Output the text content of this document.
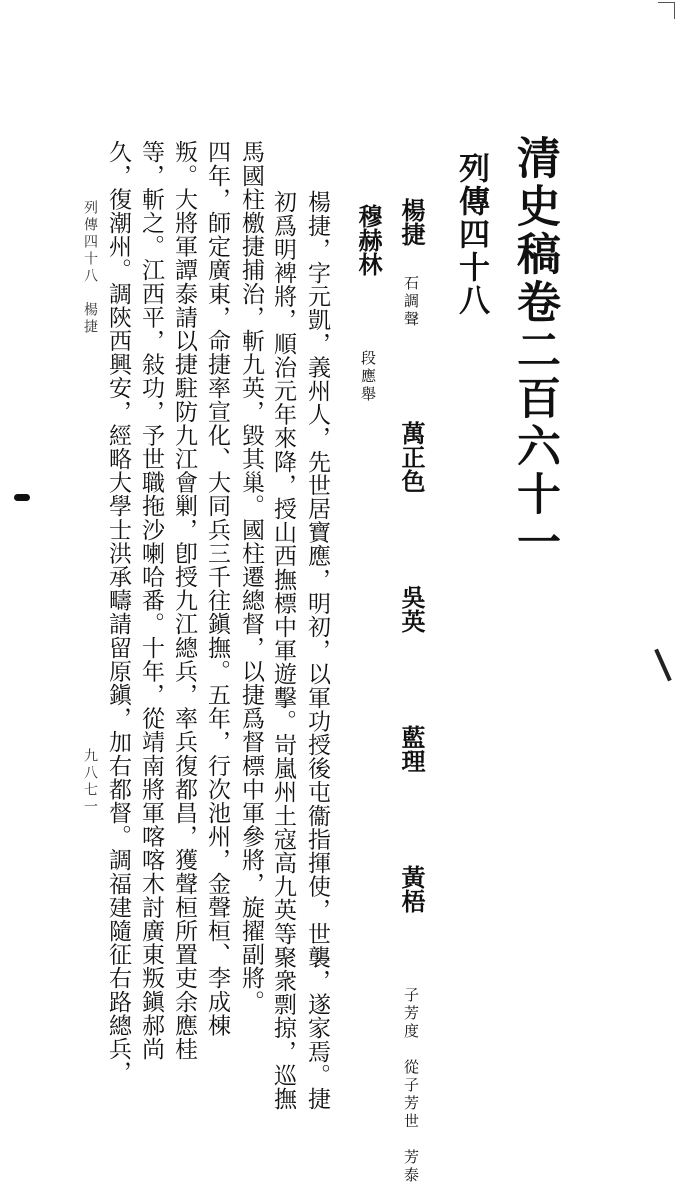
清史稿卷二百六十一
列傳四十八
楊捷 石調聲  萬正色  吳英  藍理  黃梧  子芳度　從子芳世　芳泰
穆赫林  段應舉
楊捷，字元凱，義州人，先世居寶應，明初，以軍功授後屯衞指揮使，世襲，遂家焉。捷
初爲明裨將，順治元年來降，授山西撫標中軍遊擊。岢嵐州土寇高九英等聚衆剽掠，巡撫
馬國柱檄捷捕治，斬九英，毀其巢。國柱遷總督，以捷爲督標中軍參將，旋擢副將。
四年，師定廣東，命捷率宣化、大同兵三千往鎭撫。五年，行次池州，金聲桓、李成棟
叛。大將軍譚泰請以捷駐防九江會剿，卽授九江總兵，率兵復都昌，獲聲桓所置吏余應桂
等，斬之。江西平，敍功，予世職拖沙喇哈番。十年，從靖南將軍喀喀木討廣東叛鎭郝尚
久，復潮州。調陝西興安，經略大學士洪承疇請留原鎭，加右都督。調福建隨征右路總兵，
列傳四十八　楊捷
九八七一
